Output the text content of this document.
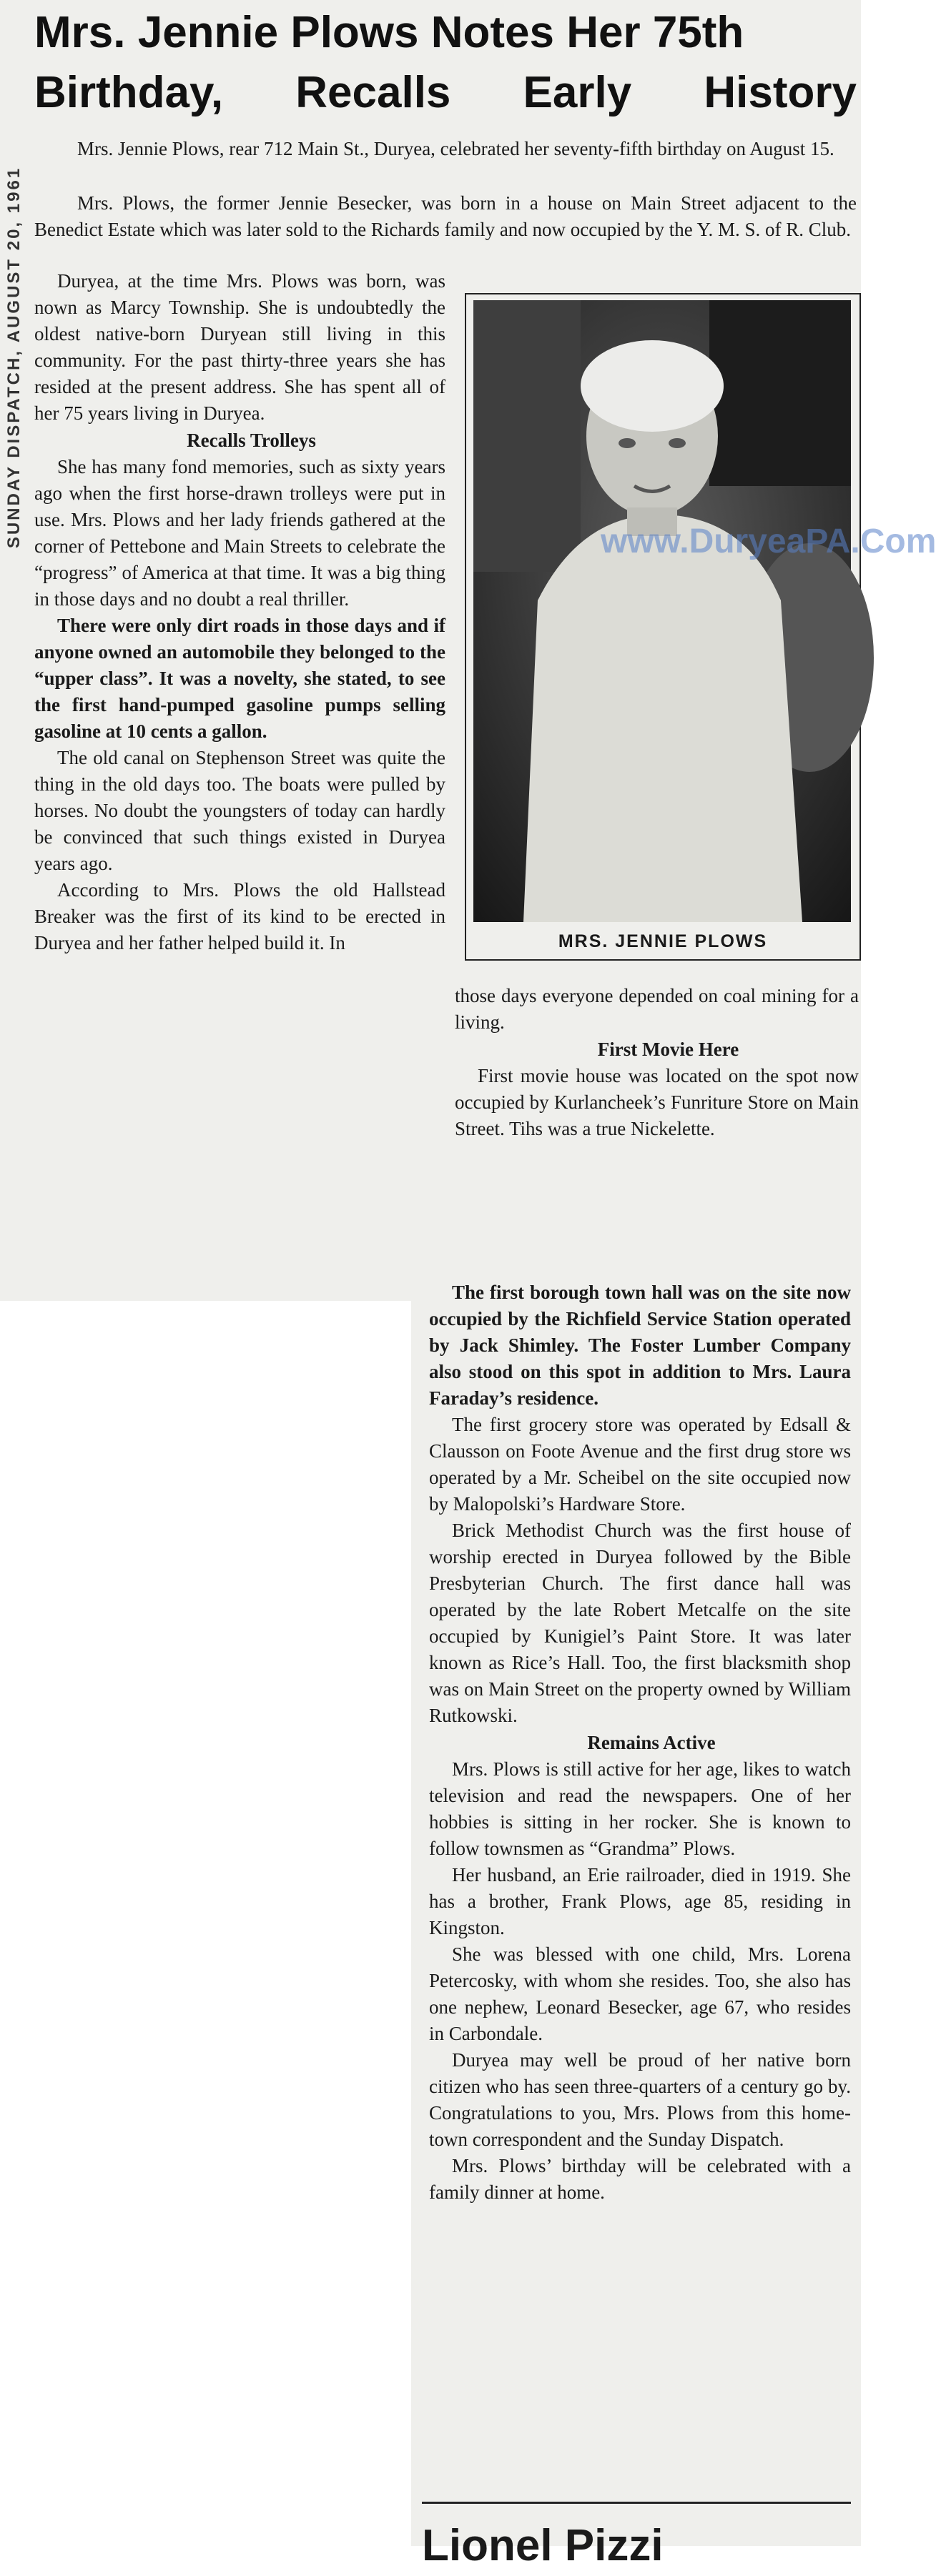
SUNDAY DISPATCH, AUGUST 20, 1961
Mrs. Jennie Plows Notes Her 75th
Birthday, Recalls Early History

Mrs. Jennie Plows, rear 712 Main St., Duryea, celebrated her seventy-fifth birthday on August 15.

Mrs. Plows, the former Jennie Besecker, was born in a house on Main Street adjacent to the Benedict Estate which was later sold to the Richards family and now occupied by the Y. M. S. of R. Club.

Duryea, at the time Mrs. Plows was born, was nown as Marcy Township. She is undoubtedly the oldest native-born Duryean still living in this community. For the past thirty-three years she has resided at the present address. She has spent all of her 75 years living in Duryea.

Recalls Trolleys

She has many fond memories, such as sixty years ago when the first horse-drawn trolleys were put in use. Mrs. Plows and her lady friends gathered at the corner of Pettebone and Main Streets to celebrate the “progress” of America at that time. It was a big thing in those days and no doubt a real thriller.

There were only dirt roads in those days and if anyone owned an automobile they belonged to the “upper class”. It was a novelty, she stated, to see the first hand-pumped gasoline pumps selling gasoline at 10 cents a gallon.

The old canal on Stephenson Street was quite the thing in the old days too. The boats were pulled by horses. No doubt the youngsters of today can hardly be convinced that such things existed in Duryea years ago.

According to Mrs. Plows the old Hallstead Breaker was the first of its kind to be erected in Duryea and her father helped build it. In	MRS. JENNIE PLOWS
www.DuryeaPA.Com

those days everyone depended on coal mining for a living.

First Movie Here

First movie house was located on the spot now occupied by Kurlancheek’s Funriture Store on Main Street. Tihs was a true Nickelette.

The first borough town hall was on the site now occupied by the Richfield Service Station operated by Jack Shimley. The Foster Lumber Company also stood on this spot in addition to Mrs. Laura Faraday’s residence.

The first grocery store was operated by Edsall & Clausson on Foote Avenue and the first drug store ws operated by a Mr. Scheibel on the site occupied now by Malopolski’s Hardware Store.

Brick Methodist Church was the first house of worship erected in Duryea followed by the Bible Presbyterian Church. The first dance hall was operated by the late Robert Metcalfe on the site occupied by Kunigiel’s Paint Store. It was later known as Rice’s Hall. Too, the first blacksmith shop was on Main Street on the property owned by William Rutkowski.

Remains Active

Mrs. Plows is still active for her age, likes to watch television and read the newspapers. One of her hobbies is sitting in her rocker. She is known to follow townsmen as “Grandma” Plows.

Her husband, an Erie railroader, died in 1919. She has a brother, Frank Plows, age 85, residing in Kingston.

She was blessed with one child, Mrs. Lorena Petercosky, with whom she resides. Too, she also has one nephew, Leonard Besecker, age 67, who resides in Carbondale.

Duryea may well be proud of her native born citizen who has seen three-quarters of a century go by. Congratulations to you, Mrs. Plows from this home-town correspondent and the Sunday Dispatch.

Mrs. Plows’ birthday will be celebrated with a family dinner at home.

Lionel Pizzi
